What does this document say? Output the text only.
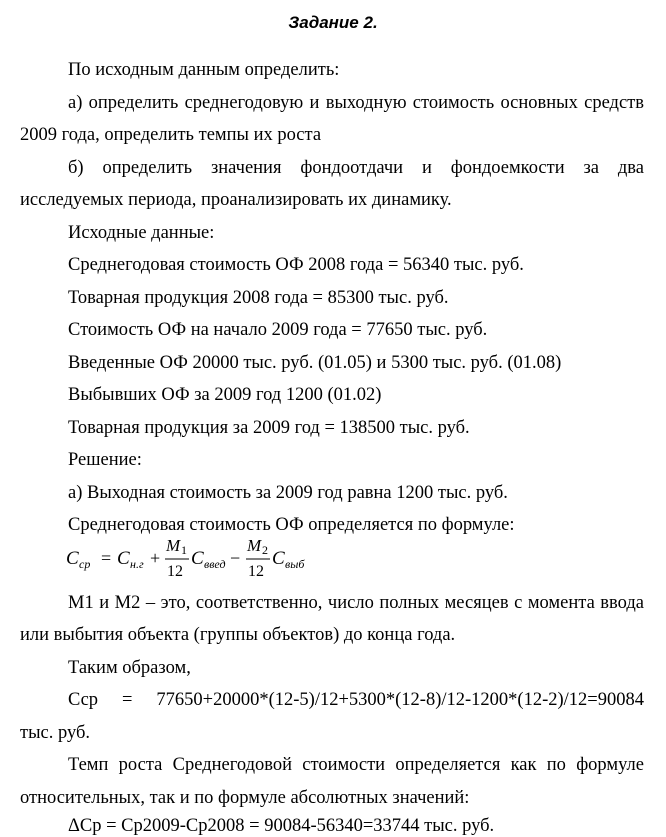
Задание 2.
По исходным данным определить:
а) определить среднегодовую и выходную стоимость основных средств
2009 года, определить темпы их роста
б) определить значения фондоотдачи и фондоемкости за два
исследуемых периода, проанализировать их динамику.
Исходные данные:
Среднегодовая стоимость ОФ 2008 года = 56340 тыс. руб.
Товарная продукция 2008 года = 85300 тыс. руб.
Стоимость ОФ на начало 2009 года = 77650 тыс. руб.
Введенные ОФ 20000 тыс. руб. (01.05) и 5300 тыс. руб. (01.08)
Выбывших ОФ за 2009 год 1200 (01.02)
Товарная продукция за 2009 год = 138500 тыс. руб.
Решение:
а) Выходная стоимость за 2009 год равна 1200 тыс. руб.
Среднегодовая стоимость ОФ определяется по формуле:
C ср = C н.г +
M 1
12
C введ −
M 2
12
C выб
М1 и М2 – это, соответственно, число полных месяцев с момента ввода
или выбытия объекта (группы объектов) до конца года.
Таким образом,
Сср = 77650+20000*(12-5)/12+5300*(12-8)/12-1200*(12-2)/12=90084
тыс. руб.
Темп роста Среднегодовой стоимости определяется как по формуле
относительных, так и по формуле абсолютных значений:
ΔСр = Ср2009-Ср2008 = 90084-56340=33744 тыс. руб.
